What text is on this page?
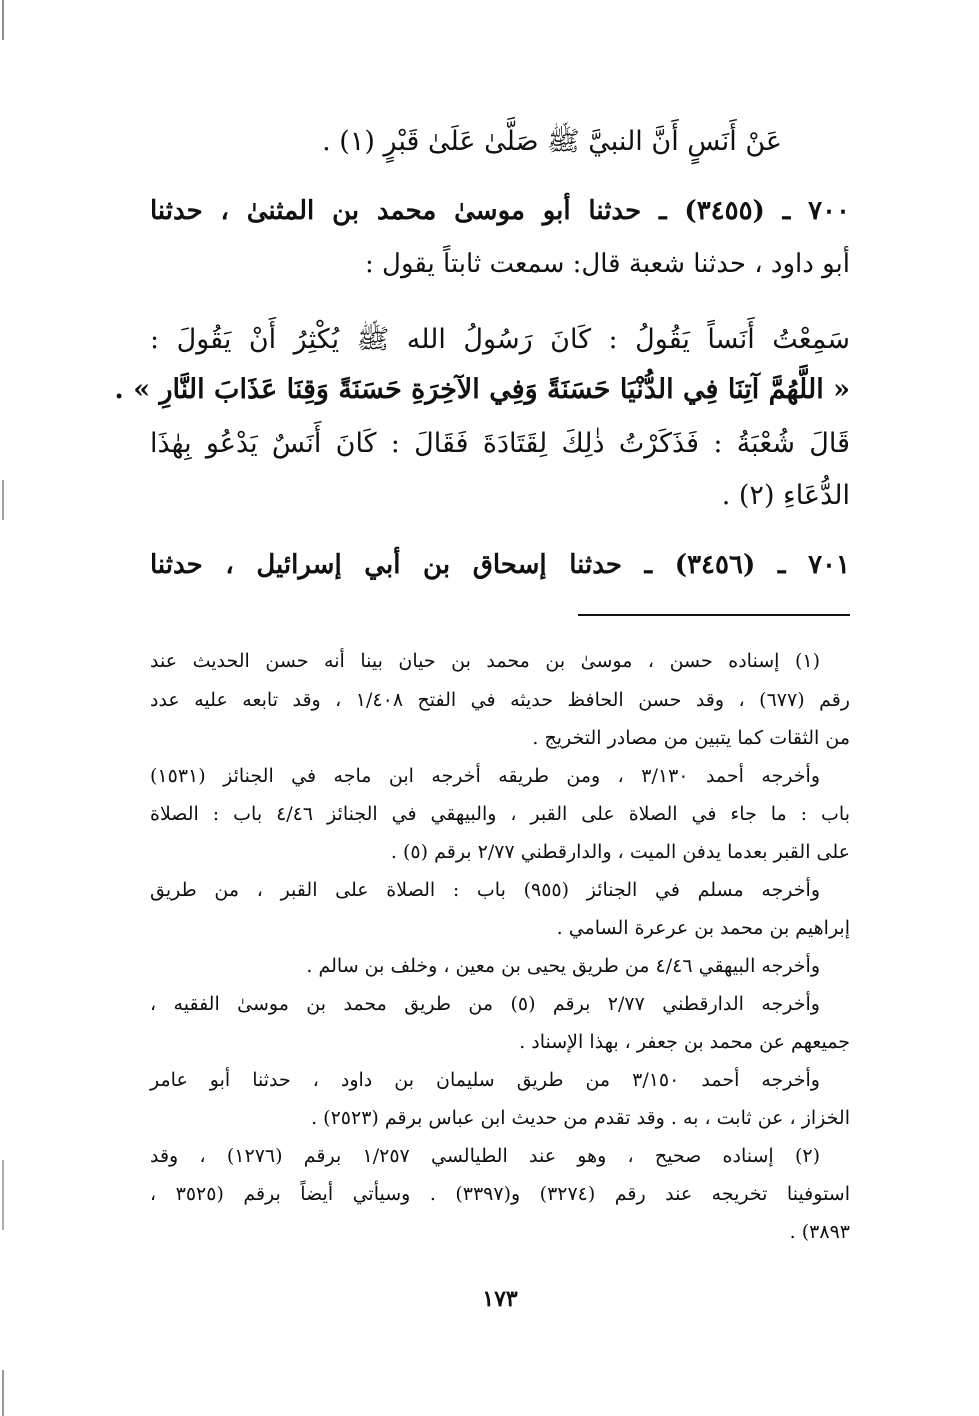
عَنْ أَنَسٍ أَنَّ النبيَّ ﷺ صَلَّىٰ عَلَىٰ قَبْرٍ (١) .
٧٠٠ ـ (٣٤٥٥) ـ حدثنا أبو موسىٰ محمد بن المثنىٰ ، حدثنا
أبو داود ، حدثنا شعبة قال: سمعت ثابتاً يقول :
سَمِعْتُ أَنَساً يَقُولُ : كَانَ رَسُولُ الله ﷺ يُكْثِرُ أَنْ يَقُولَ :
« اللَّهُمَّ آتِنَا فِي الدُّنْيَا حَسَنَةً وَفِي الآخِرَةِ حَسَنَةً وَقِنَا عَذَابَ النَّارِ » .
قَالَ شُعْبَةُ : فَذَكَرْتُ ذٰلِكَ لِقَتَادَةَ فَقَالَ : كَانَ أَنَسٌ يَدْعُو بِهٰذَا
الدُّعَاءِ (٢) .
٧٠١ ـ (٣٤٥٦) ـ حدثنا إسحاق بن أبي إسرائيل ، حدثنا
(١) إسناده حسن ، موسىٰ بن محمد بن حيان بينا أنه حسن الحديث عند
رقم (٦٧٧) ، وقد حسن الحافظ حديثه في الفتح ١/٤٠٨ ، وقد تابعه عليه عدد
من الثقات كما يتبين من مصادر التخريج .
وأخرجه أحمد ٣/١٣٠ ، ومن طريقه أخرجه ابن ماجه في الجنائز (١٥٣١)
باب : ما جاء في الصلاة على القبر ، والبيهقي في الجنائز ٤/٤٦ باب : الصلاة
على القبر بعدما يدفن الميت ، والدارقطني ٢/٧٧ برقم (٥) .
وأخرجه مسلم في الجنائز (٩٥٥) باب : الصلاة على القبر ، من طريق
إبراهيم بن محمد بن عرعرة السامي .
وأخرجه البيهقي ٤/٤٦ من طريق يحيى بن معين ، وخلف بن سالم .
وأخرجه الدارقطني ٢/٧٧ برقم (٥) من طريق محمد بن موسىٰ الفقيه ،
جميعهم عن محمد بن جعفر ، بهذا الإسناد .
وأخرجه أحمد ٣/١٥٠ من طريق سليمان بن داود ، حدثنا أبو عامر
الخزاز ، عن ثابت ، به . وقد تقدم من حديث ابن عباس برقم (٢٥٢٣) .
(٢) إسناده صحيح ، وهو عند الطيالسي ١/٢٥٧ برقم (١٢٧٦) ، وقد
استوفينا تخريجه عند رقم (٣٢٧٤) و(٣٣٩٧) . وسيأتي أيضاً برقم (٣٥٢٥ ،
٣٨٩٣) .
١٧٣
